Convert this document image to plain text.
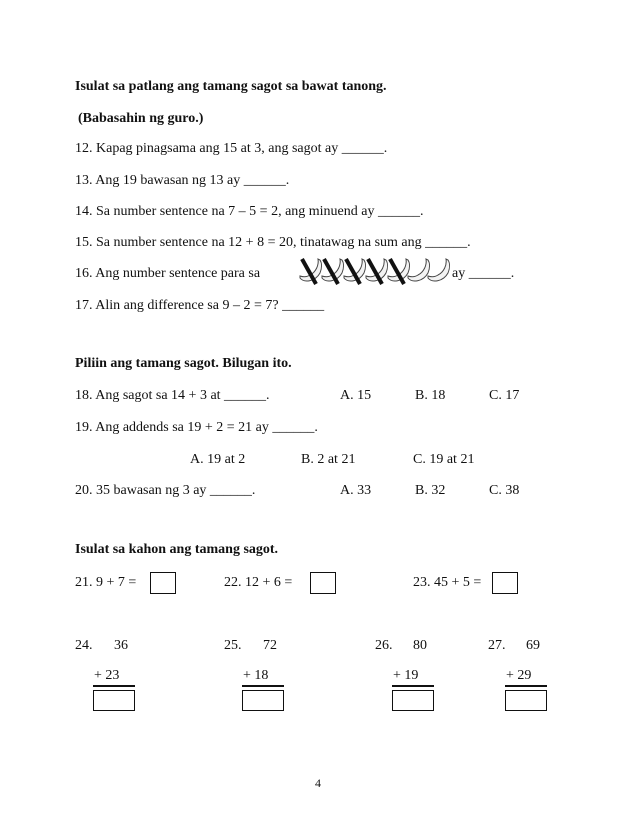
Isulat sa patlang ang tamang sagot sa bawat tanong.
(Babasahin ng guro.)
12. Kapag pinagsama ang 15 at 3, ang sagot ay ______.
13. Ang 19 bawasan ng 13 ay ______.
14. Sa number sentence na 7 – 5 = 2, ang minuend ay ______.
15. Sa number sentence na 12 + 8 = 20, tinatawag na sum ang ______.
16. Ang number sentence para sa	ay ______.
17. Alin ang difference sa 9 – 2 = 7? ______
Piliin ang tamang sagot. Bilugan ito.
18. Ang sagot sa 14 + 3 at ______.	A. 15	B. 18	C. 17
19. Ang addends sa 19 + 2 = 21 ay ______.
A. 19 at 2	B. 2 at 21	C. 19 at 21
20. 35 bawasan ng 3 ay ______.	A. 33	B. 32	C. 38
Isulat sa kahon ang tamang sagot.
21. 9 + 7 =	22. 12 + 6 =	23. 45 + 5 =
24. 36
+ 23
25. 72
+ 18
26. 80
+ 19
27. 69
+ 29
4
